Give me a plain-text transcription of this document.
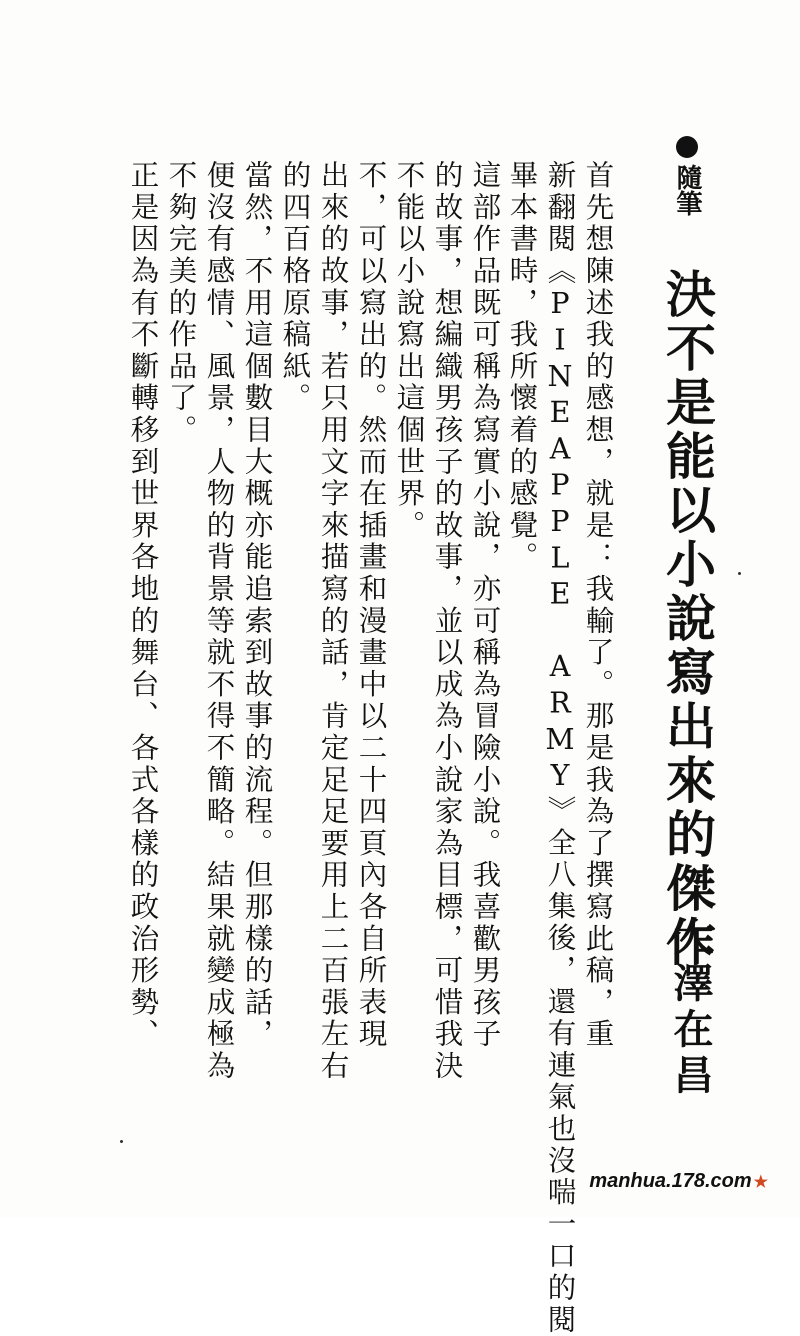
隨筆
決不是能以小說寫出來的傑作
大澤在昌
首先想陳述我的感想，就是：我輸了。那是我為了撰寫此稿，重
新翻閱《PINEAPPLE ARMY》全八集後，還有連氣也沒喘一口的閱
畢本書時，我所懷着的感覺。
這部作品既可稱為寫實小說，亦可稱為冒險小說。我喜歡男孩子
的故事，想編織男孩子的故事，並以成為小說家為目標，可惜我決
不能以小說寫出這個世界。
不，可以寫出的。然而在插畫和漫畫中以二十四頁內各自所表現
出來的故事，若只用文字來描寫的話，肯定足足要用上二百張左右
的四百格原稿紙。
當然，不用這個數目大概亦能追索到故事的流程。但那樣的話，
便沒有感情、風景，人物的背景等就不得不簡略。結果就變成極為
不夠完美的作品了。
正是因為有不斷轉移到世界各地的舞台、各式各樣的政治形勢、
manhua.178.com ★
